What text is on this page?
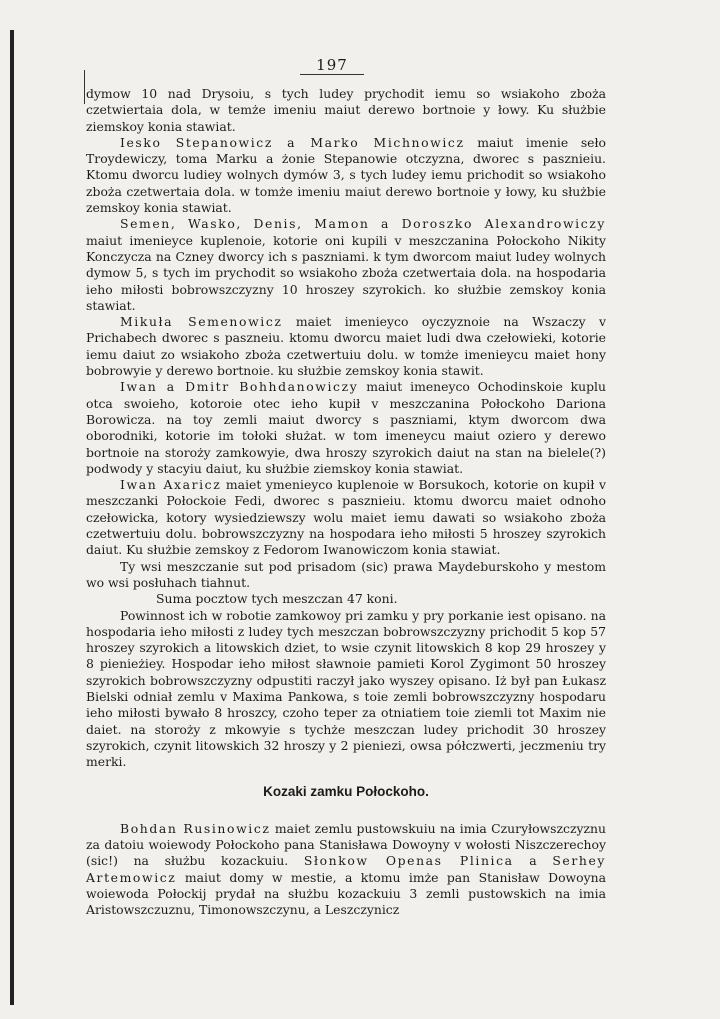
197

dymow 10 nad Drysoiu, s tych ludey prychodit iemu so wsiakoho zboża czetwiertaia dola, w temże imeniu maiut derewo bortnoie y łowy. Ku służbie ziemskoy konia stawiat.

Iesko Stepanowicz a Marko Michnowicz maiut imenie seło Troydewiczy, toma Marku a żonie Stepanowie otczyzna, dworec s pasznieiu. Ktomu dworcu ludiey wolnych dymów 3, s tych ludey iemu prichodit so wsiakoho zboża czetwertaia dola. w tomże imeniu maiut derewo bortnoie y łowy, ku służbie zemskoy konia stawiat.

Semen, Wasko, Denis, Mamon a Doroszko Alexandrowiczy maiut imenieyce kuplenoie, kotorie oni kupili v meszczanina Połockoho Nikity Konczycza na Czney dworcy ich s paszniami. k tym dworcom maiut ludey wolnych dymow 5, s tych im prychodit so wsiakoho zboża czetwertaia dola. na hospodaria ieho miłosti bobrowszczyzny 10 hroszey szyrokich. ko służbie zemskoy konia stawiat.

Mikuła Semenowicz maiet imenieyco oyczyznoie na Wszaczy v Prichabech dworec s paszneiu. ktomu dworcu maiet ludi dwa czełowieki, kotorie iemu daiut zo wsiakoho zboża czetwertuiu dolu. w tomże imenieycu maiet hony bobrowyie y derewo bortnoie. ku służbie zemskoy konia stawit.

Iwan a Dmitr Bohhdanowiczy maiut imeneyco Ochodinskoie kuplu otca swoieho, kotoroie otec ieho kupił v meszczanina Połockoho Dariona Borowicza. na toy zemli maiut dworcy s paszniami, ktym dworcom dwa oborodniki, kotorie im tołoki służat. w tom imeneycu maiut oziero y derewo bortnoie na storoży zamkowyie, dwa hroszy szyrokich daiut na stan na bielele(?) podwody y stacyiu daiut, ku służbie ziemskoy konia stawiat.

Iwan Axaricz maiet ymenieyco kuplenoie w Borsukoch, kotorie on kupił v meszczanki Połockoie Fedi, dworec s pasznieiu. ktomu dworcu maiet odnoho czełowicka, kotory wysiedziewszy wolu maiet iemu dawati so wsiakoho zboża czetwertuiu dolu. bobrowszczyzny na hospodara ieho miłosti 5 hroszey szyrokich daiut. Ku służbie zemskoy z Fedorom Iwanowiczom konia stawiat.

Ty wsi meszczanie sut pod prisadom (sic) prawa Maydeburskoho y mestom wo wsi posłuhach tiahnut.

Suma pocztow tych meszczan 47 koni.

Powinnost ich w robotie zamkowoy pri zamku y pry porkanie iest opisano. na hospodaria ieho miłosti z ludey tych meszczan bobrowszczyzny prichodit 5 kop 57 hroszey szyrokich a litowskich dziet, to wsie czynit litowskich 8 kop 29 hroszey y 8 pienieżiey. Hospodar ieho miłost sławnoie pamieti Korol Zygimont 50 hroszey szyrokich bobrowszczyzny odpustiti raczył jako wyszey opisano. Iż był pan Łukasz Bielski odniał zemlu v Maxima Pankowa, s toie zemli bobrowszczyzny hospodaru ieho miłosti bywało 8 hroszcy, czoho teper za otniatiem toie ziemli tot Maxim nie daiet. na storoży z mkowyie s tychże meszczan ludey prichodit 30 hroszey szyrokich, czynit litowskich 32 hroszy y 2 pieniezi, owsa półczwerti, jeczmeniu try merki.

Kozaki zamku Połockoho.

Bohdan Rusinowicz maiet zemlu pustowskuiu na imia Czuryłowszczyznu za datoiu woiewody Połockoho pana Stanisława Dowoyny v wołosti Niszczerechoy (sic!) na służbu kozackuiu. Słonkow Openas Plinica a Serhey Artemowicz maiut domy w mestie, a ktomu imże pan Stanisław Dowoyna woiewoda Połockij prydał na służbu kozackuiu 3 zemli pustowskich na imia Aristowszczuznu, Timonowszczynu, a Leszczynicz
